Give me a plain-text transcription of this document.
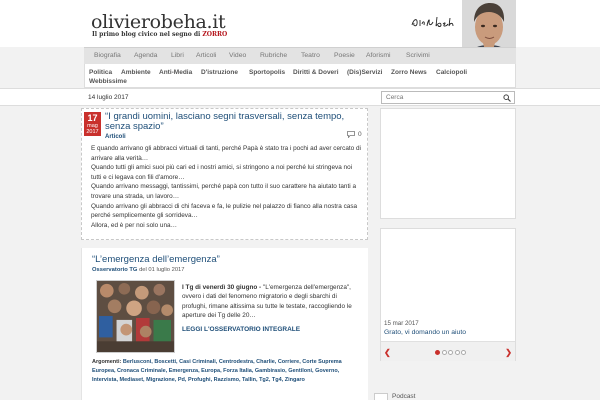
olivierobeha.it
Il primo blog civico nel segno di ZORRO
Biografia Agenda Libri Articoli Video Rubriche Teatro Poesie Aforismi Scrivimi
Politica Ambiente Anti-Media D'istruzione Sportopolis Diritti & Doveri (Dis)Servizi Zorro News Calciopoli
Webbissime
14 luglio 2017
Cerca
17
mag
2017
“I grandi uomini, lasciano segni trasversali, senza tempo, senza spazio”
Articoli	0
E quando arrivano gli abbracci virtuali di tanti, perché Papà è stato tra i pochi ad aver cercato di
arrivare alla verità…
Quando tutti gli amici suoi più cari ed i nostri amici, si stringono a noi perché lui stringeva noi
tutti e ci legava con fili d'amore…
Quando arrivano messaggi, tantissimi, perché papà con tutto il suo carattere ha aiutato tanti a
trovare una strada, un lavoro…
Quando arrivano gli abbracci di chi faceva e fa, le pulizie nel palazzo di fianco alla nostra casa
perché semplicemente gli sorrideva…
Allora, ed è per noi solo una…
15 mar 2017
Grato, vi domando un aiuto
❮	❯
Podcast
“L’emergenza dell’emergenza”
Osservatorio TG del 01 luglio 2017
I Tg di venerdì 30 giugno - "L'emergenza dell'emergenza", ovvero i dati del fenomeno migratorio e degli sbarchi di profughi, rimane altissima su tutte le testate, raccogliendo le aperture dei Tg delle 20…
LEGGI L'OSSERVATORIO INTEGRALE
Argomenti: Berlusconi, Boscetti, Casi Criminali, Centrodestra, Charlie, Corriere, Corte Suprema Europea, Cronaca Criminale, Emergenza, Europa, Forza Italia, Gambirasio, Gentiloni, Governo, Intervista, Mediaset, Migrazione, Pd, Profughi, Razzismo, Tallin, Tg2, Tg4, Zingaro
